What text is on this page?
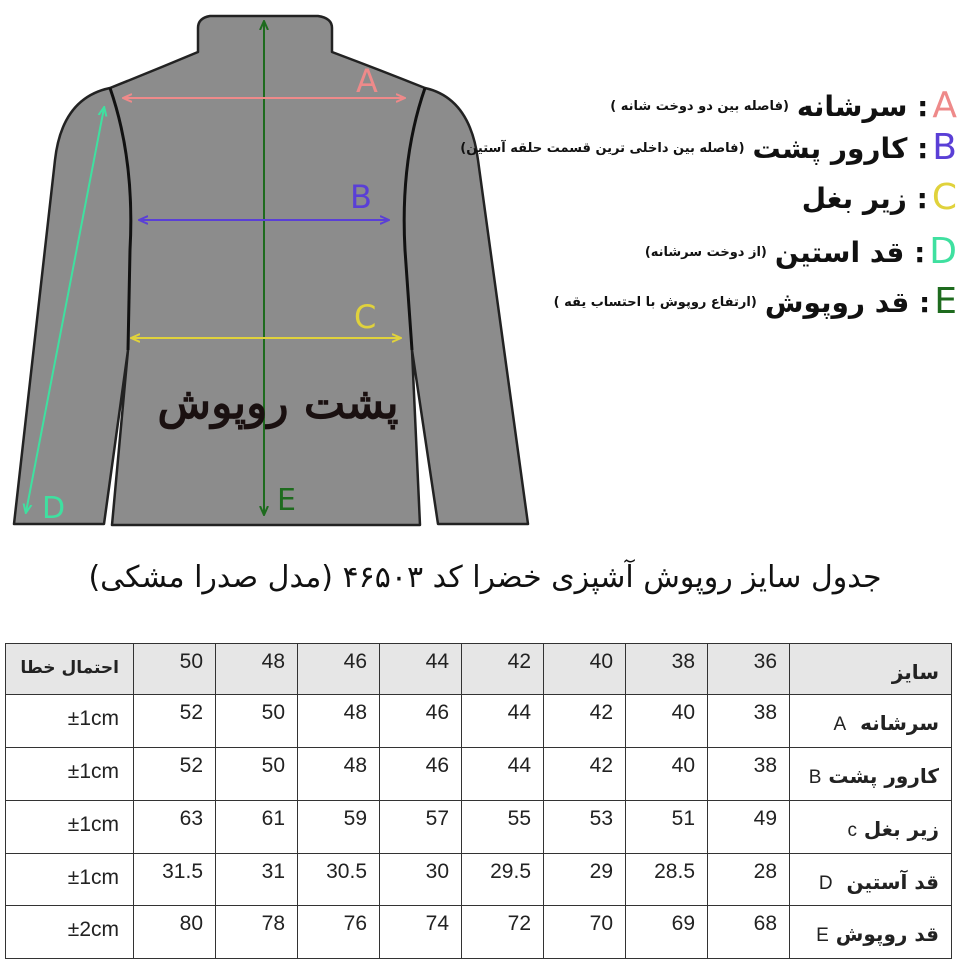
E
A
B
C
D
پشت روپوش
A
: سرشانه
(فاصله بین دو دوخت شانه )
B
: کارور پشت
(فاصله بین داخلی ترین قسمت حلقه آستین)
C
: زیر بغل
D
: قد استین
(از دوخت سرشانه)
E
: قد روپوش
(ارتفاع روپوش با احتساب یقه )
جدول سایز روپوش آشپزی خضرا کد ۴۶۵۰۳ (مدل صدرا مشکی)
احتمال خطا	50	48	46	44	42	40	38	36	سایز
±1cm	52	50	48	46	44	42	40	38	سرشانه  A
±1cm	52	50	48	46	44	42	40	38	کارور پشت B
±1cm	63	61	59	57	55	53	51	49	زیر بغل c
±1cm	31.5	31	30.5	30	29.5	29	28.5	28	قد آستین  D
±2cm	80	78	76	74	72	70	69	68	قد روپوش E
